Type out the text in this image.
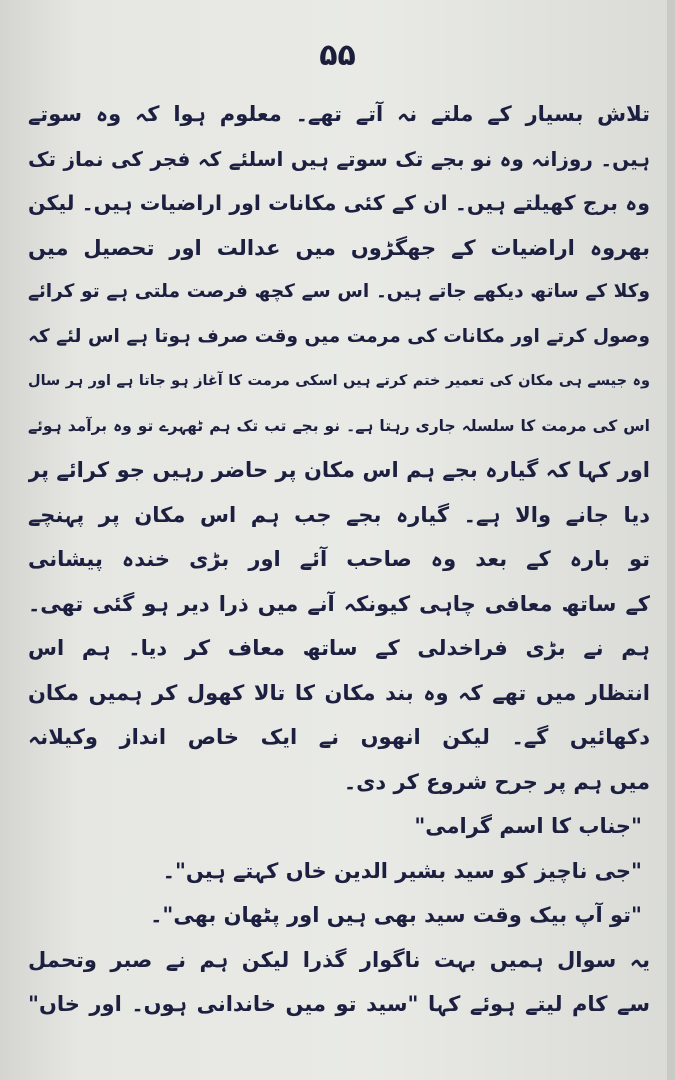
۵۵
تلاش بسیار کے ملتے نہ آتے تھے۔ معلوم ہوا کہ وہ سوتے
ہیں۔ روزانہ وہ نو بجے تک سوتے ہیں اسلئے کہ فجر کی نماز تک
وہ برج کھیلتے ہیں۔ ان کے کئی مکانات اور اراضیات ہیں۔ لیکن
بھروہ اراضیات کے جھگڑوں میں عدالت اور تحصیل میں
وکلا کے ساتھ دیکھے جاتے ہیں۔ اس سے کچھ فرصت ملتی ہے تو کرائے
وصول کرتے اور مکانات کی مرمت میں وقت صرف ہوتا ہے اس لئے کہ
وہ جیسے ہی مکان کی تعمیر ختم کرتے ہیں اسکی مرمت کا آغاز ہو جاتا ہے اور ہر سال
اس کی مرمت کا سلسلہ جاری رہتا ہے۔ نو بجے تب تک ہم ٹھہرے تو وہ برآمد ہوئے
اور کہا کہ گیارہ بجے ہم اس مکان پر حاضر رہیں جو کرائے پر
دیا جانے والا ہے۔ گیارہ بجے جب ہم اس مکان پر پہنچے
تو بارہ کے بعد وہ صاحب آئے اور بڑی خندہ پیشانی
کے ساتھ معافی چاہی کیونکہ آنے میں ذرا دیر ہو گئی تھی۔
ہم نے بڑی فراخدلی کے ساتھ معاف کر دیا۔ ہم اس
انتظار میں تھے کہ وہ بند مکان کا تالا کھول کر ہمیں مکان
دکھائیں گے۔ لیکن انھوں نے ایک خاص انداز وکیلانہ
میں ہم پر جرح شروع کر دی۔
"جناب کا اسم گرامی"
"جی ناچیز کو سید بشیر الدین خاں کہتے ہیں"۔
"تو آپ بیک وقت سید بھی ہیں اور پٹھان بھی"۔
یہ سوال ہمیں بہت ناگوار گذرا لیکن ہم نے صبر وتحمل
سے کام لیتے ہوئے کہا "سید تو میں خاندانی ہوں۔ اور خاں"
